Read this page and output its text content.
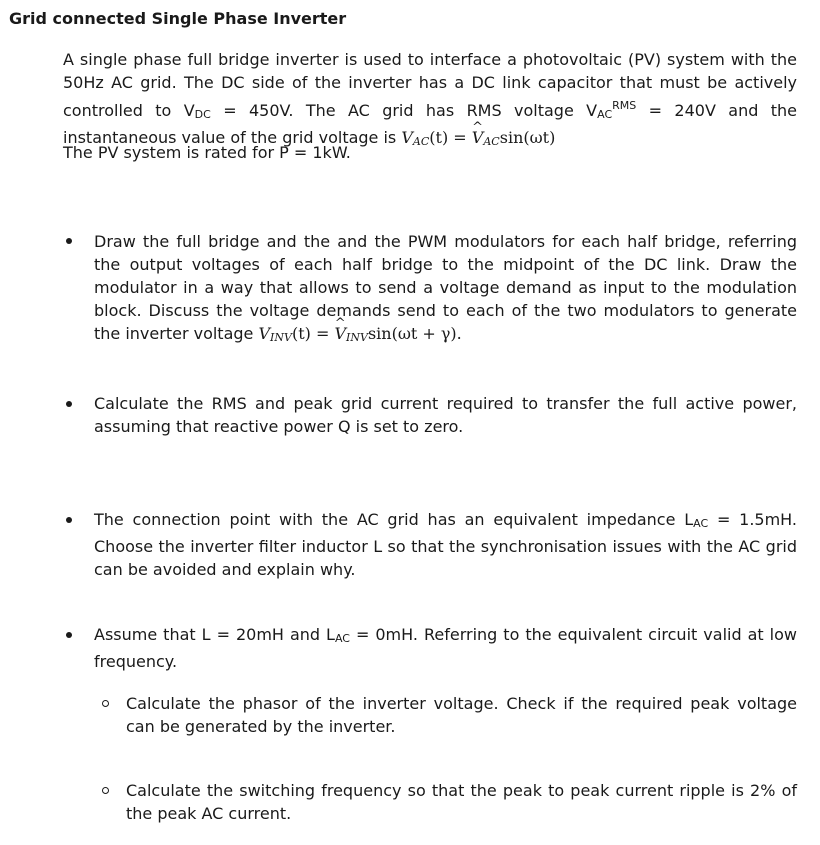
Grid connected Single Phase Inverter
A single phase full bridge inverter is used to interface a photovoltaic (PV) system with the 50Hz AC grid. The DC side of the inverter has a DC link capacitor that must be actively controlled to VDC = 450V. The AC grid has RMS voltage $VAC^{RMS} = 240V$ and the instantaneous value of the grid voltage is VAC(t) = ^ VACsin(ωt)
The PV system is rated for P = 1kW.
Draw the full bridge and the and the PWM modulators for each half bridge, referring the output voltages of each half bridge to the midpoint of the DC link. Draw the modulator in a way that allows to send a voltage demand as input to the modulation block. Discuss the voltage demands send to each of the two modulators to generate the inverter voltage VINV(t) = ^ VINVsin(ωt + γ).
Calculate the RMS and peak grid current required to transfer the full active power, assuming that reactive power Q is set to zero.
The connection point with the AC grid has an equivalent impedance LAC = 1.5mH. Choose the inverter filter inductor L so that the synchronisation issues with the AC grid can be avoided and explain why.
Assume that L = 20mH and LAC = 0mH. Referring to the equivalent circuit valid at low frequency.
Calculate the phasor of the inverter voltage. Check if the required peak voltage can be generated by the inverter.
Calculate the switching frequency so that the peak to peak current ripple is 2% of the peak AC current.
